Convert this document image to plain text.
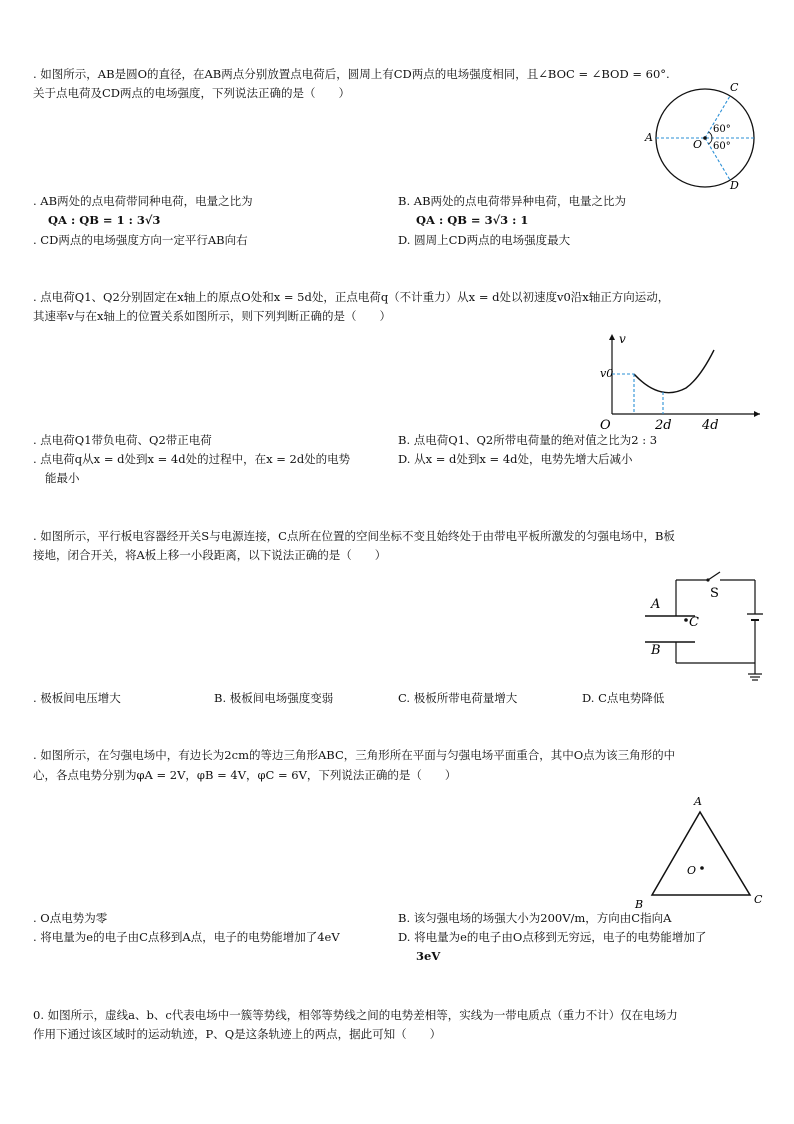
. 如图所示，AB是圆O的直径，在AB两点分别放置点电荷后，圆周上有CD两点的电场强度相同，且∠BOC = ∠BOD = 60°.
关于点电荷及CD两点的电场强度，下列说法正确的是（　　）
A
C
O
D
60°
60°
. AB两处的点电荷带同种电荷，电量之比为
QA : QB = 1 : 3√3
B. AB两处的点电荷带异种电荷，电量之比为
QA : QB = 3√3 : 1
. CD两点的电场强度方向一定平行AB向右	D. 圆周上CD两点的电场强度最大
. 点电荷Q1、Q2分别固定在x轴上的原点O处和x = 5d处，正点电荷q（不计重力）从x = d处以初速度v0沿x轴正方向运动，
其速率v与在x轴上的位置关系如图所示，则下列判断正确的是（　　）
v
v0
O	2d 4d
. 点电荷Q1带负电荷、Q2带正电荷	B. 点电荷Q1、Q2所带电荷量的绝对值之比为2 : 3
. 点电荷q从x = d处到x = 4d处的过程中，在x = 2d处的电势
能最小
D. 从x = d处到x = 4d处，电势先增大后减小
. 如图所示，平行板电容器经开关S与电源连接，C点所在位置的空间坐标不变且始终处于由带电平板所激发的匀强电场中，B板
接地，闭合开关，将A板上移一小段距离，以下说法正确的是（　　）
S
A
C
B
. 极板间电压增大	B. 极板间电场强度变弱	C. 极板所带电荷量增大	D. C点电势降低
. 如图所示，在匀强电场中，有边长为2cm的等边三角形ABC，三角形所在平面与匀强电场平面重合，其中O点为该三角形的中
心，各点电势分别为φA = 2V，φB = 4V，φC = 6V，下列说法正确的是（　　）
A
B	C
O
. O点电势为零	B. 该匀强电场的场强大小为200V/m，方向由C指向A
. 将电量为e的电子由C点移到A点，电子的电势能增加了4eV	D. 将电量为e的电子由O点移到无穷远，电子的电势能增加了
3eV
0. 如图所示，虚线a、b、c代表电场中一簇等势线，相邻等势线之间的电势差相等，实线为一带电质点（重力不计）仅在电场力
作用下通过该区域时的运动轨迹，P、Q是这条轨迹上的两点，据此可知（　　）
